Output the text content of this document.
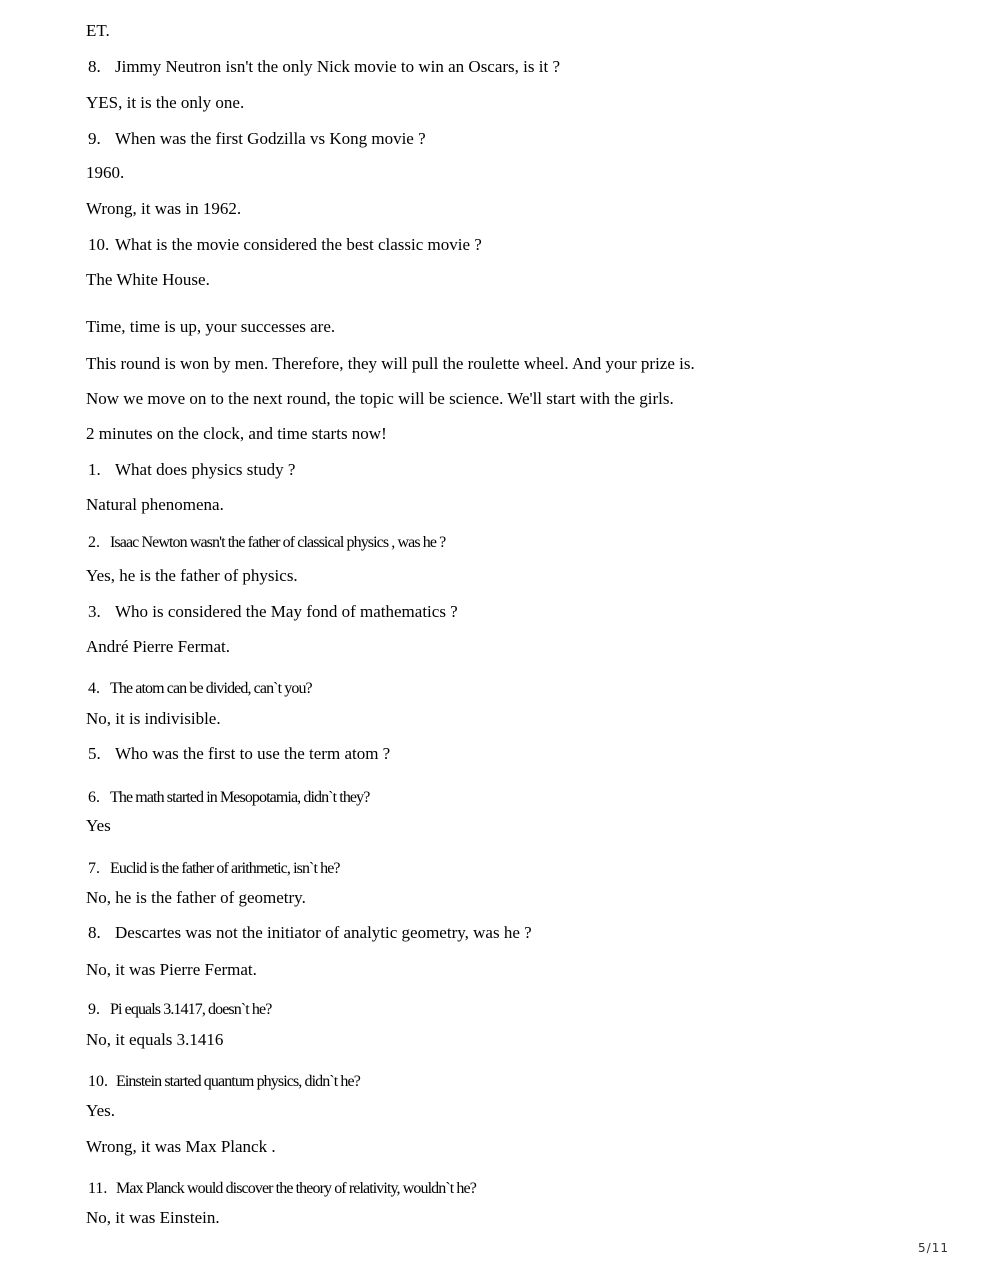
ET.
8. Jimmy Neutron isn't the only Nick movie to win an Oscars, is it ?
YES, it is the only one.
9. When was the first Godzilla vs Kong movie ?
1960.
Wrong, it was in 1962.
10. What is the movie considered the best classic movie ?
The White House.
Time, time is up, your successes are.
This round is won by men. Therefore, they will pull the roulette wheel. And your prize is.
Now we move on to the next round, the topic will be science. We'll start with the girls.
2 minutes on the clock, and time starts now!
1. What does physics study ?
Natural phenomena.
2. Isaac Newton wasn't the father of classical physics , was he ?
Yes, he is the father of physics.
3. Who is considered the May fond of mathematics ?
André Pierre Fermat.
4. The atom can be divided, can`t you?
No, it is indivisible.
5. Who was the first to use the term atom ?
6. The math started in Mesopotamia, didn`t they?
Yes
7. Euclid is the father of arithmetic, isn`t he?
No, he is the father of geometry.
8. Descartes was not the initiator of analytic geometry, was he ?
No, it was Pierre Fermat.
9. Pi equals 3.1417, doesn`t he?
No, it equals 3.1416
10. Einstein started quantum physics, didn`t he?
Yes.
Wrong, it was Max Planck .
11. Max Planck would discover the theory of relativity, wouldn`t he?
No, it was Einstein.
5/11
